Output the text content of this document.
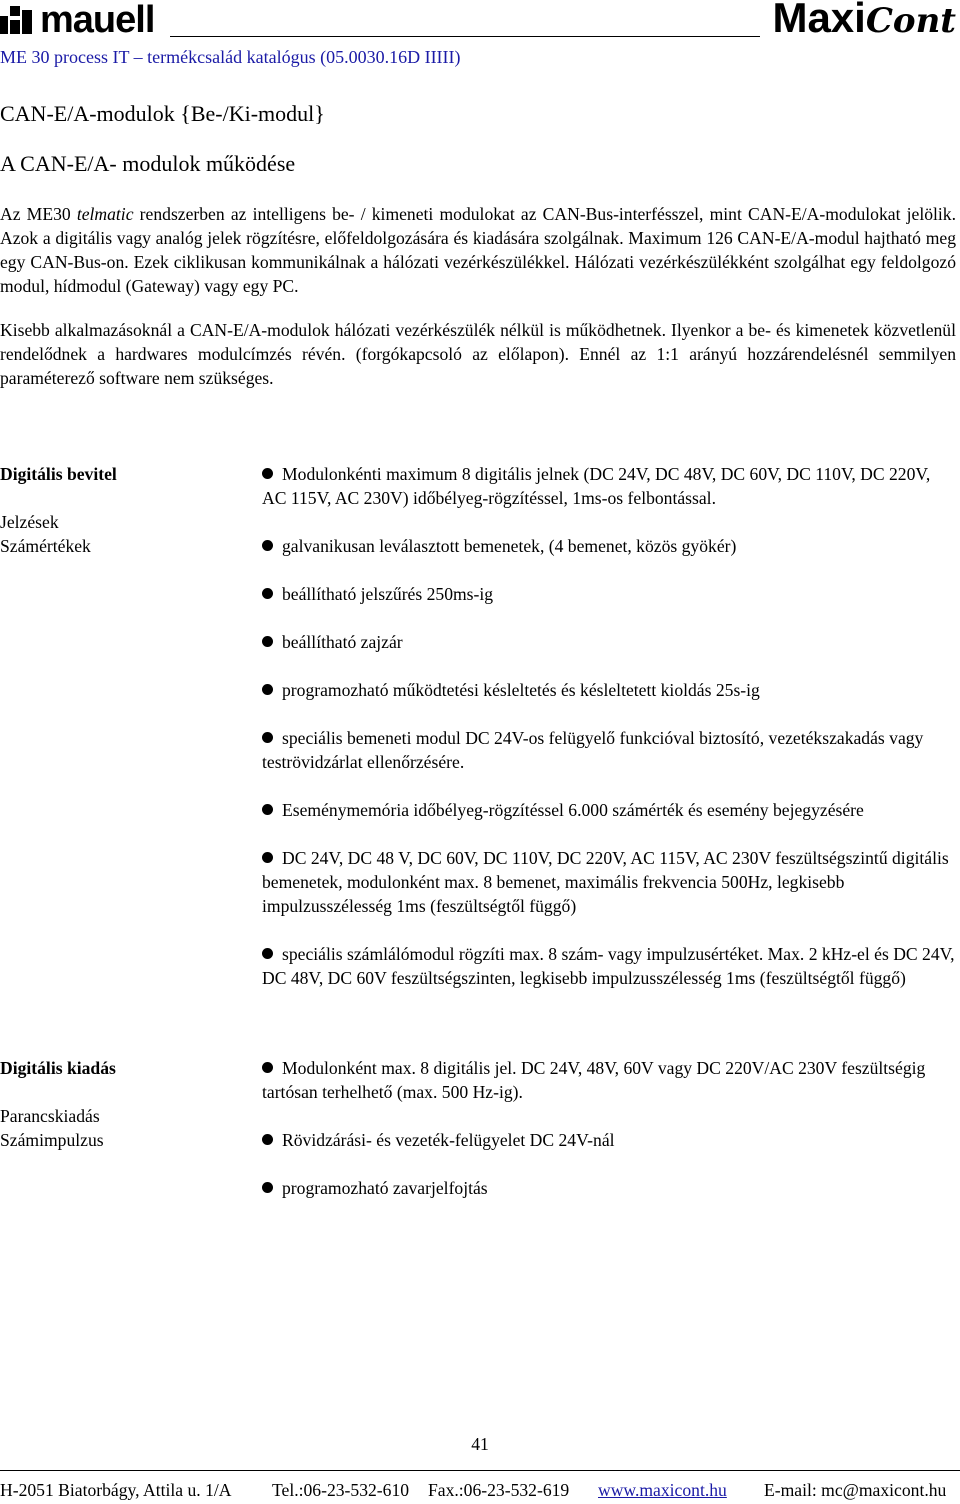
mauell	MaxiCont
ME 30 process IT – termékcsalád katalógus (05.0030.16D IIIII)
CAN-E/A-modulok {Be-/Ki-modul}
A CAN-E/A- modulok működése

Az ME30 telmatic rendszerben az intelligens be- / kimeneti modulokat az CAN-Bus-interfésszel, mint CAN-E/A-modulokat jelölik. Azok a digitális vagy analóg jelek rögzítésre, előfeldolgozására és kiadására szolgálnak. Maximum 126 CAN-E/A-modul hajtható meg egy CAN-Bus-on. Ezek ciklikusan kommunikálnak a hálózati vezérkészülékkel. Hálózati vezérkészülékként szolgálhat egy feldolgozó modul, hídmodul (Gateway) vagy egy PC.

Kisebb alkalmazásoknál a CAN-E/A-modulok hálózati vezérkészülék nélkül is működhetnek. Ilyenkor a be- és kimenetek közvetlenül rendelődnek a hardwares modulcímzés révén. (forgókapcsoló az előlapon). Ennél az 1:1 arányú hozzárendelésnél semmilyen paraméterező software nem szükséges.

Digitális bevitel
Jelzések
Számértékek

Modulonkénti maximum 8 digitális jelnek (DC 24V, DC 48V, DC 60V, DC 110V, DC 220V, AC 115V, AC 230V) időbélyeg-rögzítéssel, 1ms-os felbontással.

galvanikusan leválasztott bemenetek, (4 bemenet, közös gyökér)

beállítható jelszűrés 250ms-ig

beállítható zajzár

programozható működtetési késleltetés és késleltetett kioldás 25s-ig

speciális bemeneti modul DC 24V-os felügyelő funkcióval biztosító, vezetékszakadás vagy teströvidzárlat ellenőrzésére.

Eseménymemória időbélyeg-rögzítéssel 6.000 számérték és esemény bejegyzésére

DC 24V, DC 48 V, DC 60V, DC 110V, DC 220V, AC 115V, AC 230V feszültségszintű digitális bemenetek, modulonként max. 8 bemenet, maximális frekvencia 500Hz, legkisebb impulzusszélesség 1ms (feszültségtől függő)

speciális számlálómodul rögzíti max. 8 szám- vagy impulzusértéket. Max. 2 kHz-el és DC 24V, DC 48V, DC 60V feszültségszinten, legkisebb impulzusszélesség 1ms (feszültségtől függő)

Digitális kiadás
Parancskiadás
Számimpulzus

Modulonként max. 8 digitális jel. DC 24V, 48V, 60V vagy DC 220V/AC 230V feszültségig tartósan terhelhető (max. 500 Hz-ig).

Rövidzárási- és vezeték-felügyelet DC 24V-nál

programozható zavarjelfojtás

41
H-2051 Biatorbágy, Attila u. 1/A Tel.:06-23-532-610 Fax.:06-23-532-619 www.maxicont.hu E-mail: mc@maxicont.hu
